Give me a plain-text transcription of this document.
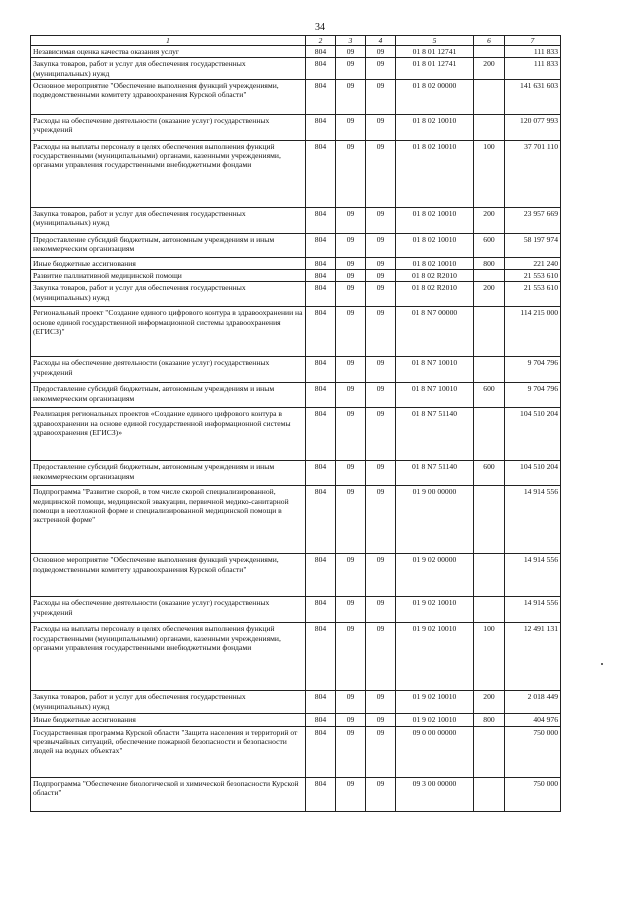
34
1	2	3	4	5	6	7
Независимая оценка качества оказания услуг	804	09	09	01 8 01 12741		111 833
Закупка товаров, работ и услуг для обеспечения государственных (муниципальных) нужд	804	09	09	01 8 01 12741	200	111 833
Основное мероприятие "Обеспечение выполнения функций учреждениями, подведомственными комитету здравоохранения Курской области"	804	09	09	01 8 02 00000		141 631 603
Расходы на обеспечение деятельности (оказание услуг) государственных учреждений	804	09	09	01 8 02 10010		120 077 993
Расходы на выплаты персоналу в целях обеспечения выполнения функций государственными (муниципальными) органами, казенными учреждениями, органами управления государственными внебюджетными фондами	804	09	09	01 8 02 10010	100	37 701 110
Закупка товаров, работ и услуг для обеспечения государственных (муниципальных) нужд	804	09	09	01 8 02 10010	200	23 957 669
Предоставление субсидий бюджетным, автономным учреждениям и иным некоммерческим организациям	804	09	09	01 8 02 10010	600	58 197 974
Иные бюджетные ассигнования	804	09	09	01 8 02 10010	800	221 240
Развитие паллиативной медицинской помощи	804	09	09	01 8 02 R2010		21 553 610
Закупка товаров, работ и услуг для обеспечения государственных (муниципальных) нужд	804	09	09	01 8 02 R2010	200	21 553 610
Региональный проект "Создание единого цифрового контура в здравоохранении на основе единой государственной информационной системы здравоохранения (ЕГИСЗ)"	804	09	09	01 8 N7 00000		114 215 000
Расходы на обеспечение деятельности (оказание услуг) государственных учреждений	804	09	09	01 8 N7 10010		9 704 796
Предоставление субсидий бюджетным, автономным учреждениям и иным некоммерческим организациям	804	09	09	01 8 N7 10010	600	9 704 796
Реализация региональных проектов «Создание единого цифрового контура в здравоохранении на основе единой государственной информационной системы здравоохранения (ЕГИСЗ)»	804	09	09	01 8 N7 51140		104 510 204
Предоставление субсидий бюджетным, автономным учреждениям и иным некоммерческим организациям	804	09	09	01 8 N7 51140	600	104 510 204
Подпрограмма "Развитие скорой, в том числе скорой специализированной, медицинской помощи, медицинской эвакуации, первичной медико-санитарной помощи в неотложной форме и специализированной медицинской помощи в экстренной форме"	804	09	09	01 9 00 00000		14 914 556
Основное мероприятие "Обеспечение выполнения функций учреждениями, подведомственными комитету здравоохранения Курской области"	804	09	09	01 9 02 00000		14 914 556
Расходы на обеспечение деятельности (оказание услуг) государственных учреждений	804	09	09	01 9 02 10010		14 914 556
Расходы на выплаты персоналу в целях обеспечения выполнения функций государственными (муниципальными) органами, казенными учреждениями, органами управления государственными внебюджетными фондами	804	09	09	01 9 02 10010	100	12 491 131
Закупка товаров, работ и услуг для обеспечения государственных (муниципальных) нужд	804	09	09	01 9 02 10010	200	2 018 449
Иные бюджетные ассигнования	804	09	09	01 9 02 10010	800	404 976
Государственная программа Курской области "Защита населения и территорий от чрезвычайных ситуаций, обеспечение пожарной безопасности и безопасности людей на водных объектах"	804	09	09	09 0 00 00000		750 000
Подпрограмма "Обеспечение биологической и химической безопасности Курской области"	804	09	09	09 3 00 00000		750 000
